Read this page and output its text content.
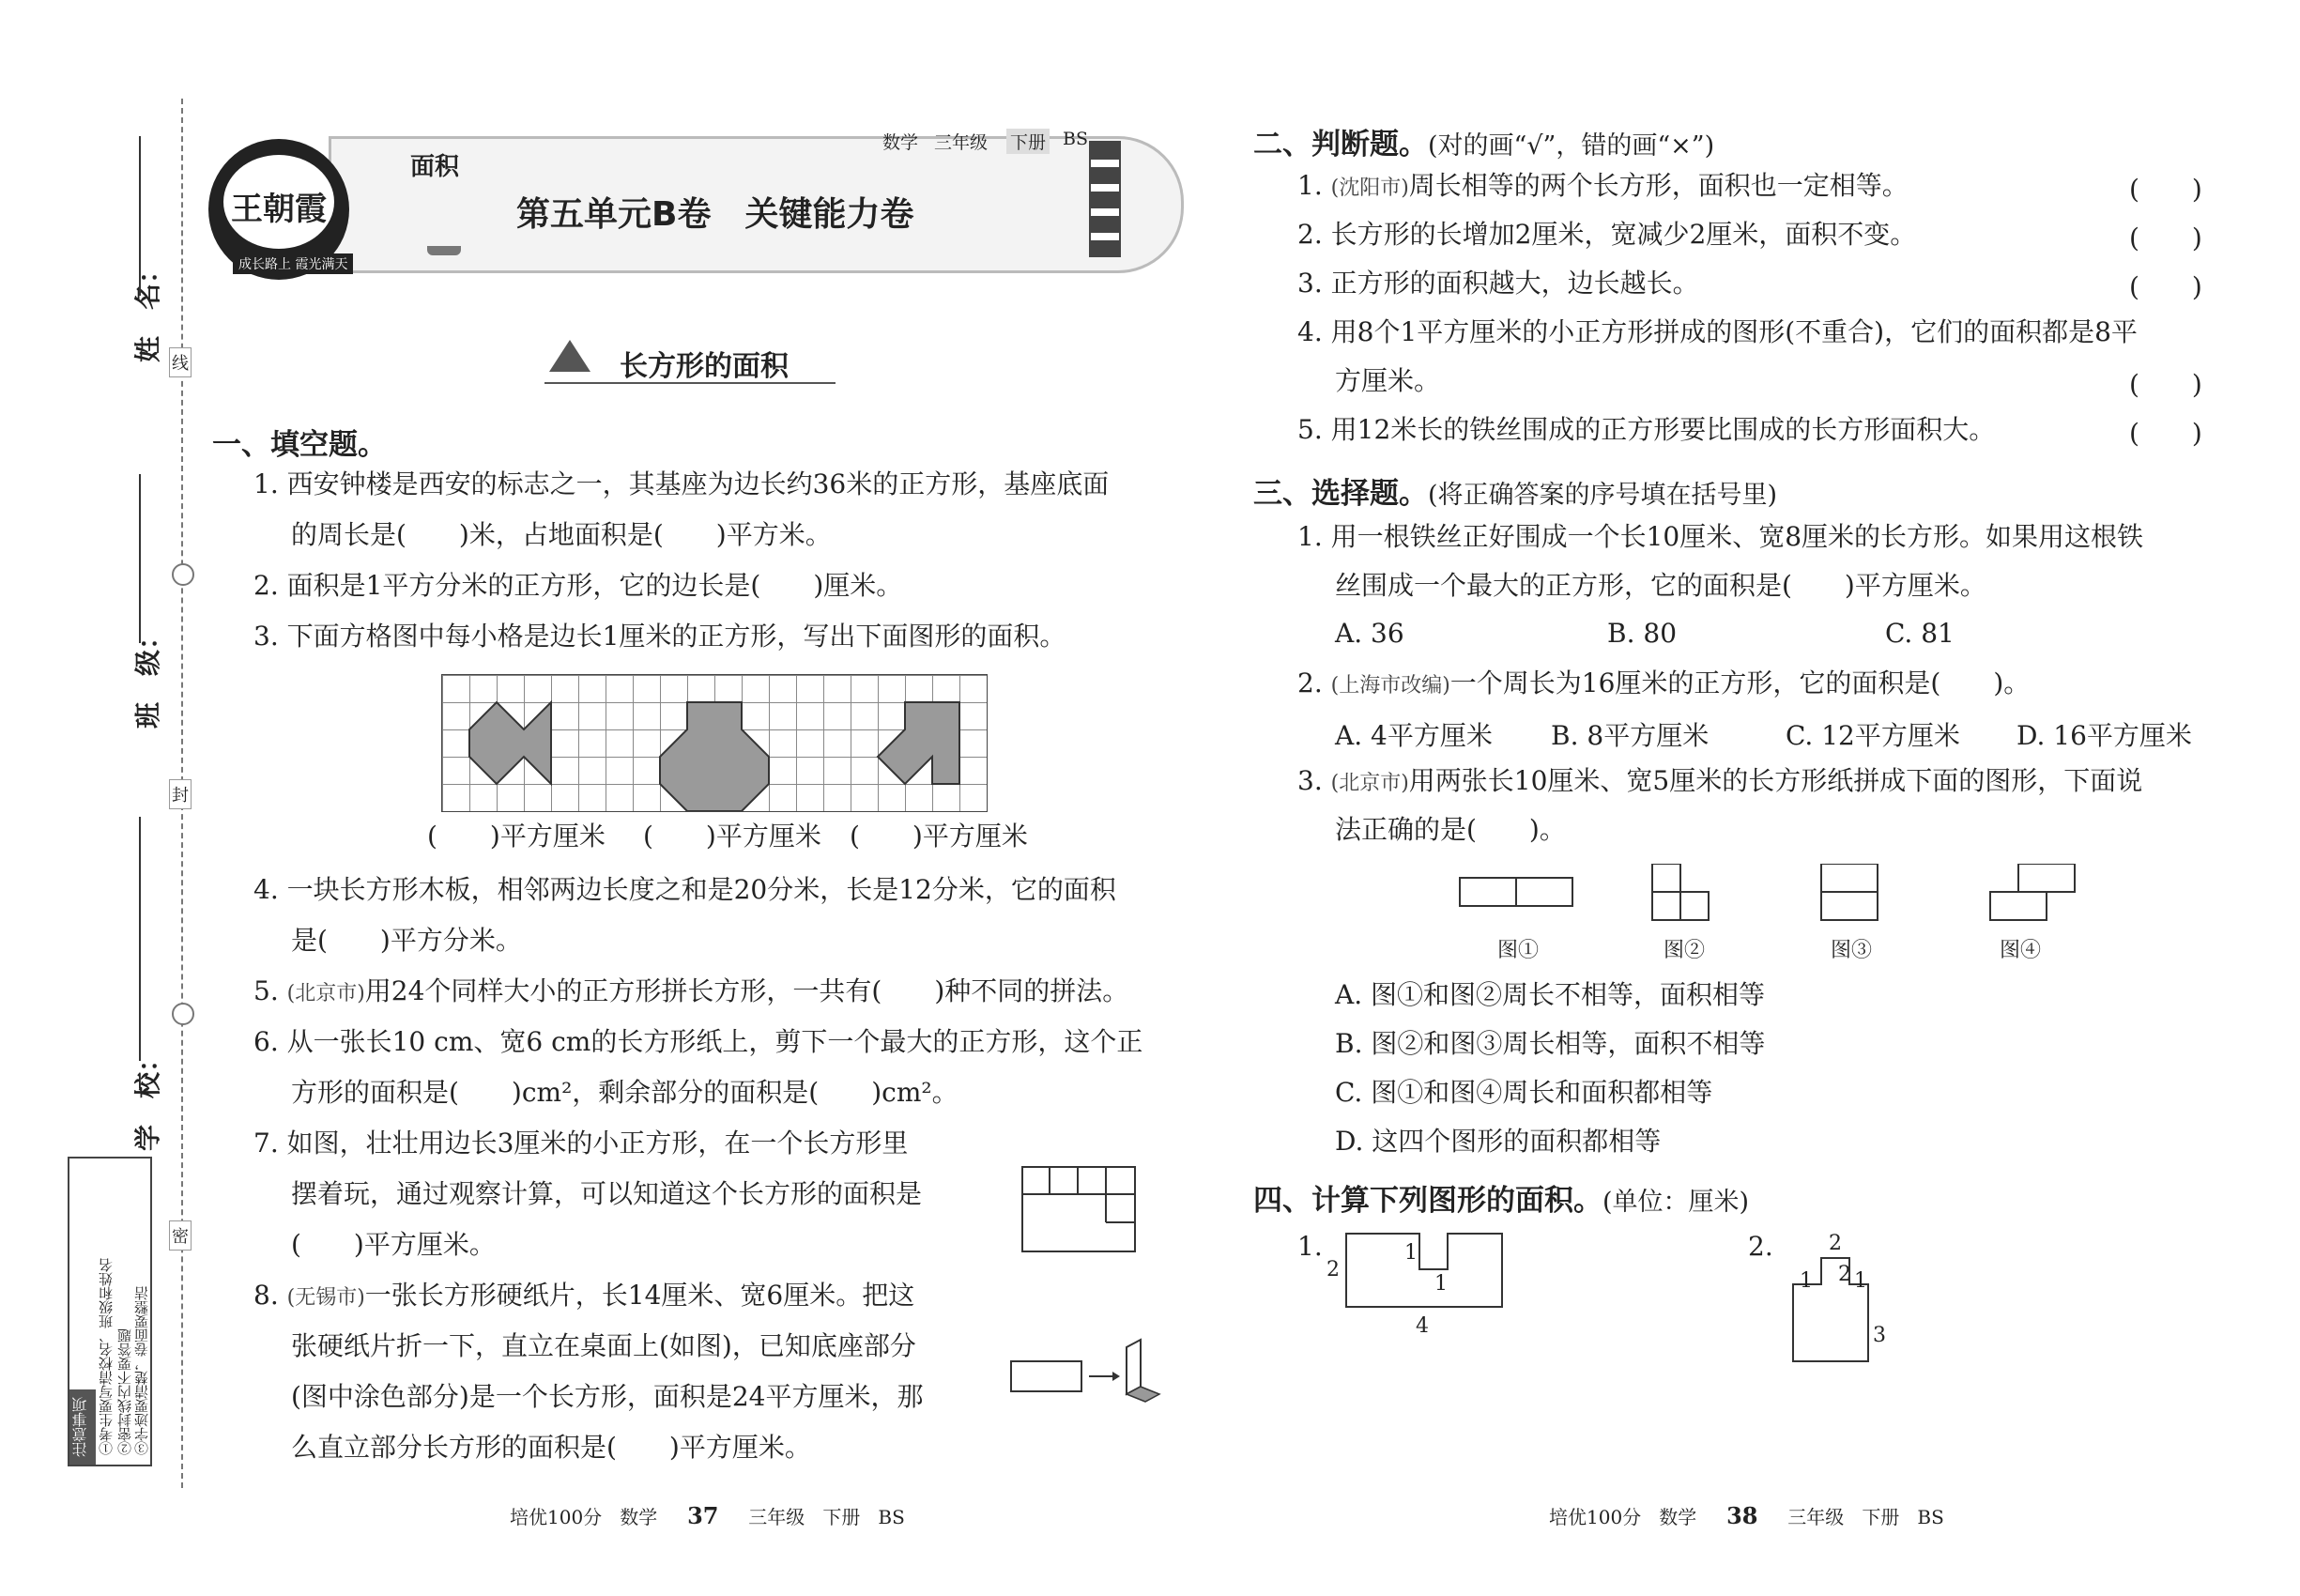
线
封
密
姓　名：
班　级：
学　校：
注意事项 ①考生要写清校名、班级和姓名 ②密封线内不要答题 ③字迹要清楚，卷面要整洁
王朝霞
成长路上 霞光满天
面积
数学 三年级 下册 BS
第五单元B卷　关键能力卷
长方形的面积
一、填空题。
1. 西安钟楼是西安的标志之一，其基座为边长约36米的正方形，基座底面
的周长是(　　)米，占地面积是(　　)平方米。
2. 面积是1平方分米的正方形，它的边长是(　　)厘米。
3. 下面方格图中每小格是边长1厘米的正方形，写出下面图形的面积。
(　　)平方厘米 (　　)平方厘米 (　　)平方厘米
4. 一块长方形木板，相邻两边长度之和是20分米，长是12分米，它的面积
是(　　)平方分米。
5. (北京市)用24个同样大小的正方形拼长方形，一共有(　　)种不同的拼法。
6. 从一张长10 cm、宽6 cm的长方形纸上，剪下一个最大的正方形，这个正
方形的面积是(　　)cm²，剩余部分的面积是(　　)cm²。
7. 如图，壮壮用边长3厘米的小正方形，在一个长方形里
摆着玩，通过观察计算，可以知道这个长方形的面积是
(　　)平方厘米。
8. (无锡市)一张长方形硬纸片，长14厘米、宽6厘米。把这
张硬纸片折一下，直立在桌面上(如图)，已知底座部分
(图中涂色部分)是一个长方形，面积是24平方厘米，那
么直立部分长方形的面积是(　　)平方厘米。
二、判断题。(对的画“√”，错的画“×”)
1. (沈阳市)周长相等的两个长方形，面积也一定相等。	(　　)
2. 长方形的长增加2厘米，宽减少2厘米，面积不变。	(　　)
3. 正方形的面积越大，边长越长。	(　　)
4. 用8个1平方厘米的小正方形拼成的图形(不重合)，它们的面积都是8平
方厘米。	(　　)
5. 用12米长的铁丝围成的正方形要比围成的长方形面积大。	(　　)
三、选择题。(将正确答案的序号填在括号里)
1. 用一根铁丝正好围成一个长10厘米、宽8厘米的长方形。如果用这根铁
丝围成一个最大的正方形，它的面积是(　　)平方厘米。
A. 36	B. 80	C. 81
2. (上海市改编)一个周长为16厘米的正方形，它的面积是(　　)。
A. 4平方厘米 B. 8平方厘米	C. 12平方厘米 D. 16平方厘米
3. (北京市)用两张长10厘米、宽5厘米的长方形纸拼成下面的图形，下面说
法正确的是(　　)。
图①	图②	图③	图④
A. 图①和图②周长不相等，面积相等
B. 图②和图③周长相等，面积不相等
C. 图①和图④周长和面积都相等
D. 这四个图形的面积都相等
四、计算下列图形的面积。(单位：厘米)
1.
2
1
1
4
2.	2
1 2 1
3
培优100分 数学 37 三年级 下册 BS	培优100分 数学 38 三年级 下册 BS
